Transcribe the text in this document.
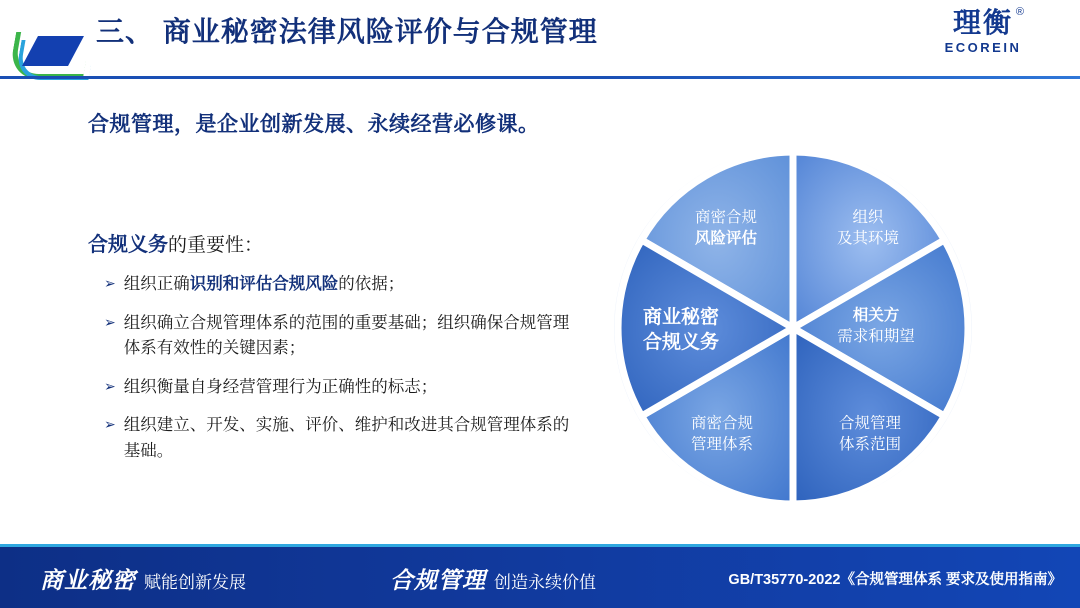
三、 商业秘密法律风险评价与合规管理	理衡 ®
ECOREIN
合规管理，是企业创新发展、永续经营必修课。
合规义务的重要性：
➢ 组织正确识别和评估合规风险的依据；
➢ 组织确立合规管理体系的范围的重要基础；组织确保合规管理体系有效性的关键因素；
➢ 组织衡量自身经营管理行为正确性的标志；
➢ 组织建立、开发、实施、评价、维护和改进其合规管理体系的基础。
商密合规
风险评估
组织
及其环境
相关方
需求和期望
合规管理
体系范围
商密合规
管理体系
商业秘密
合规义务
商业秘密 赋能创新发展	合规管理 创造永续价值	GB/T35770-2022《合规管理体系 要求及使用指南》
